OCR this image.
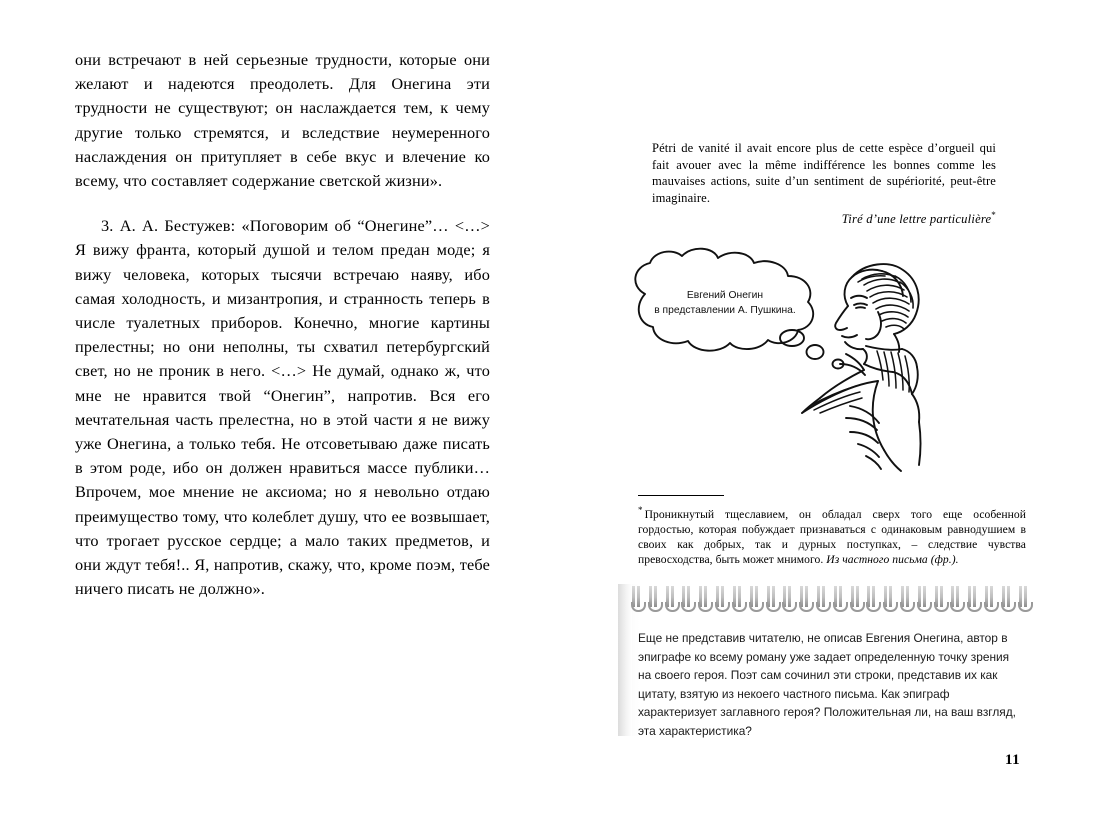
они встречают в ней серьезные трудности, которые они желают и надеются преодолеть. Для Онегина эти трудности не существуют; он наслаждается тем, к чему другие только стремятся, и вследствие неумеренного наслаждения он притупляет в себе вкус и влечение ко всему, что составляет содержание светской жизни».

3. А. А. Бестужев: «Поговорим об “Онегине”… <…> Я вижу франта, который душой и телом предан моде; я вижу человека, которых тысячи встречаю наяву, ибо самая холодность, и мизантропия, и странность теперь в числе туалетных приборов. Конечно, многие картины прелестны; но они неполны, ты схватил петербургский свет, но не проник в него. <…> Не думай, однако ж, что мне не нравится твой “Онегин”, напротив. Вся его мечтательная часть прелестна, но в этой части я не вижу уже Онегина, а только тебя. Не отсоветываю даже писать в этом роде, ибо он должен нравиться массе публики… Впрочем, мое мнение не аксиома; но я невольно отдаю преимущество тому, что колеблет душу, что ее возвышает, что трогает русское сердце; а мало таких предметов, и они ждут тебя!.. Я, напротив, скажу, что, кроме поэм, тебе ничего писать не должно».

Pétri de vanité il avait encore plus de cette espèce d’orgueil qui fait avouer avec la même indifférence les bonnes comme les mauvaises actions, suite d’un sentiment de supériorité, peut-être imaginaire.
Tiré d’une lettre particulière*
Евгений Онегин
в представлении А. Пушкина.
* Проникнутый тщеславием, он обладал сверх того еще особенной гордостью, которая побуждает признаваться с одинаковым равнодушием в своих как добрых, так и дурных поступках, – следствие чувства превосходства, быть может мнимого. Из частного письма (фр.).
Еще не представив читателю, не описав Евгения Онегина, автор в эпиграфе ко всему роману уже задает определенную точку зрения на своего героя. Поэт сам сочинил эти строки, представив их как цитату, взятую из некоего частного письма. Как эпиграф характеризует заглавного героя? Положительная ли, на ваш взгляд, эта характеристика?
11
